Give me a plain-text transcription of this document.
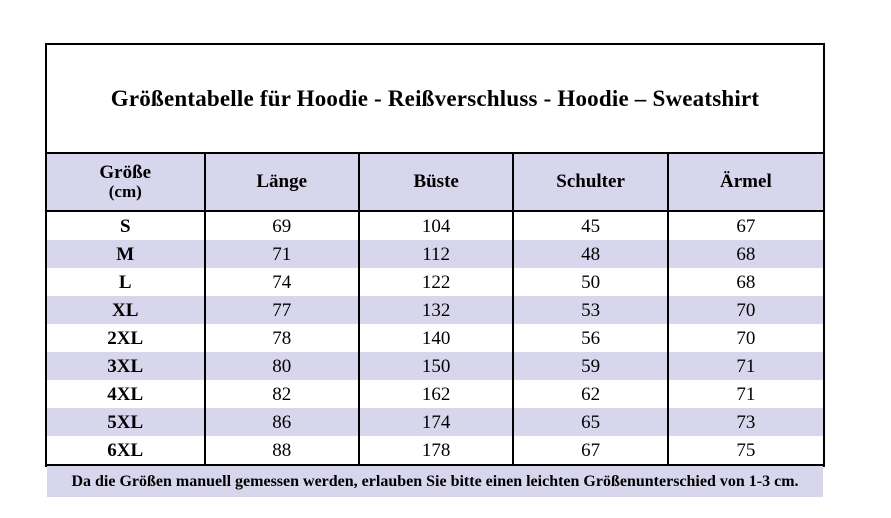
Größentabelle für Hoodie - Reißverschluss - Hoodie – Sweatshirt
Größe
(cm)	Länge	Büste	Schulter	Ärmel
S	69	104	45	67
M	71	112	48	68
L	74	122	50	68
XL	77	132	53	70
2XL	78	140	56	70
3XL	80	150	59	71
4XL	82	162	62	71
5XL	86	174	65	73
6XL	88	178	67	75
Da die Größen manuell gemessen werden, erlauben Sie bitte einen leichten Größenunterschied von 1-3 cm.
